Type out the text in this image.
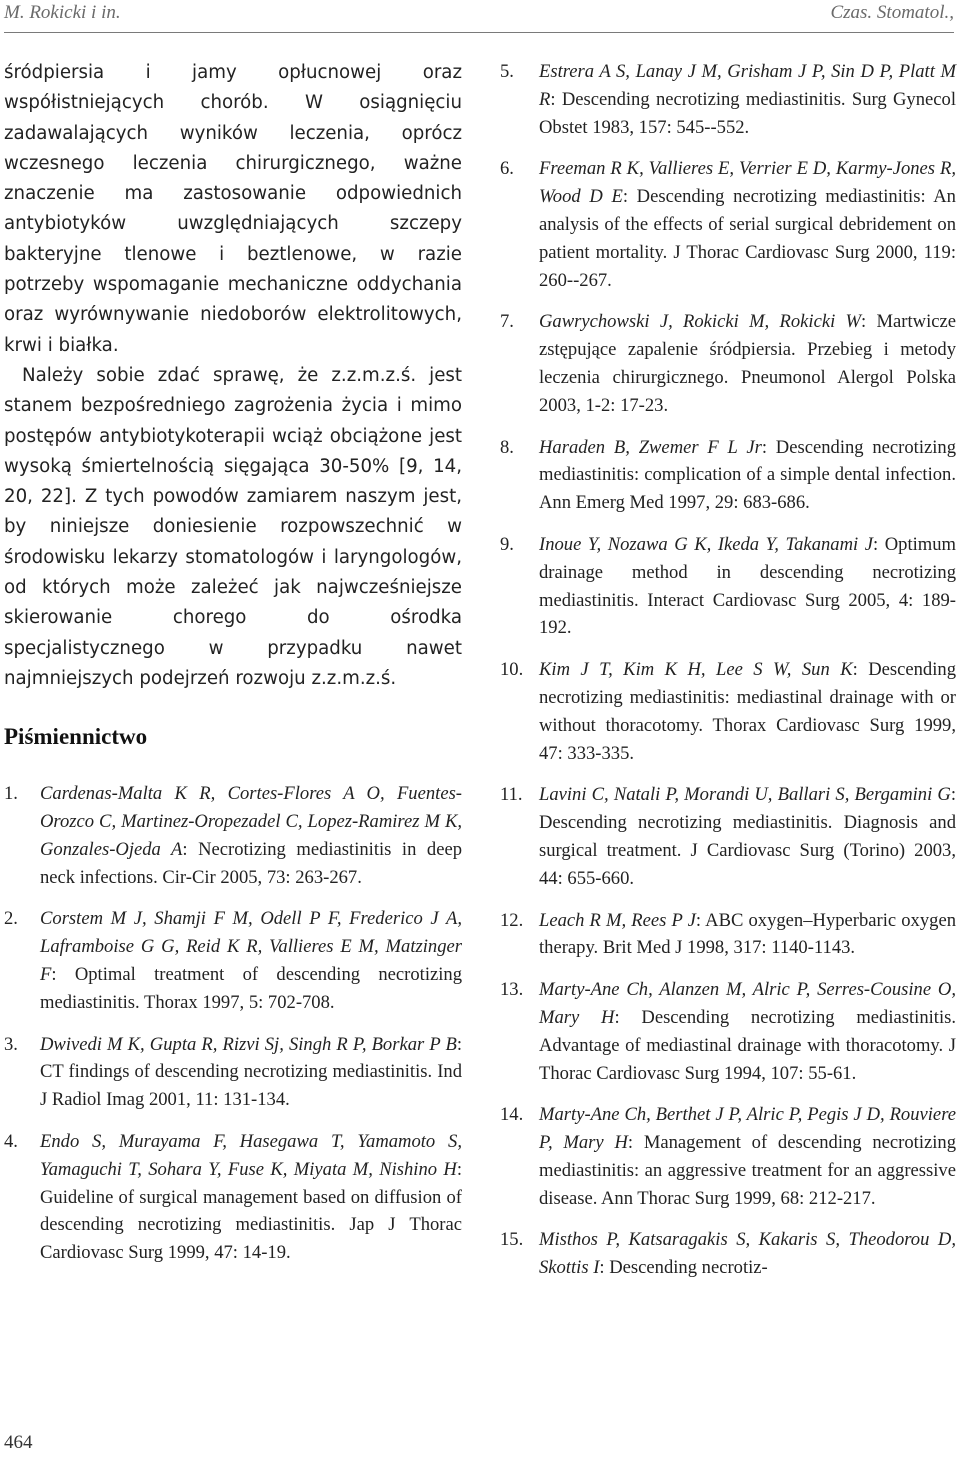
M. Rokicki i in.	Czas. Stomatol.,

śródpiersia i jamy opłucnowej oraz współistniejących chorób. W osiągnięciu zadawalających wyników leczenia, oprócz wczesnego leczenia chirurgicznego, ważne znaczenie ma zastosowanie odpowiednich antybiotyków uwzględniających szczepy bakteryjne tlenowe i beztlenowe, w razie potrzeby wspomaganie mechaniczne oddychania oraz wyrównywanie niedoborów elektrolitowych, krwi i białka.

Należy sobie zdać sprawę, że z.z.m.z.ś. jest stanem bezpośredniego zagrożenia życia i mimo postępów antybiotykoterapii wciąż obciążone jest wysoką śmiertelnością sięgająca 30-50% [9, 14, 20, 22]. Z tych powodów zamiarem naszym jest, by niniejsze doniesienie rozpowszechnić w środowisku lekarzy stomatologów i laryngologów, od których może zależeć jak najwcześniejsze skierowanie chorego do ośrodka specjalistycznego w przypadku nawet najmniejszych podejrzeń rozwoju z.z.m.z.ś.

Piśmiennictwo
1. Cardenas-Malta K R, Cortes-Flores A O, Fuentes-Orozco C, Martinez-Oropezadel C, Lopez-Ramirez M K, Gonzales-Ojeda A: Necrotizing mediastinitis in deep neck infections. Cir-Cir 2005, 73: 263-267.
2. Corstem M J, Shamji F M, Odell P F, Frederico J A, Laframboise G G, Reid K R, Vallieres E M, Matzinger F: Optimal treatment of descending necrotizing mediastinitis. Thorax 1997, 5: 702-708.
3. Dwivedi M K, Gupta R, Rizvi Sj, Singh R P, Borkar P B: CT findings of descending necrotizing mediastinitis. Ind J Radiol Imag 2001, 11: 131-134.
4. Endo S, Murayama F, Hasegawa T, Yamamoto S, Yamaguchi T, Sohara Y, Fuse K, Miyata M, Nishino H: Guideline of surgical management based on diffusion of descending necrotizing mediastinitis. Jap J Thorac Cardiovasc Surg 1999, 47: 14-19.
5. Estrera A S, Lanay J M, Grisham J P, Sin D P, Platt M R: Descending necrotizing mediastinitis. Surg Gynecol Obstet 1983, 157: 545--552.
6. Freeman R K, Vallieres E, Verrier E D, Karmy-Jones R, Wood D E: Descending necrotizing mediastinitis: An analysis of the effects of serial surgical debridement on patient mortality. J Thorac Cardiovasc Surg 2000, 119: 260--267.
7. Gawrychowski J, Rokicki M, Rokicki W: Martwicze zstępujące zapalenie śródpiersia. Przebieg i metody leczenia chirurgicznego. Pneumonol Alergol Polska 2003, 1-2: 17-23.
8. Haraden B, Zwemer F L Jr: Descending necrotizing mediastinitis: complication of a simple dental infection. Ann Emerg Med 1997, 29: 683-686.
9. Inoue Y, Nozawa G K, Ikeda Y, Takanami J: Optimum drainage method in descending necrotizing mediastinitis. Interact Cardiovasc Surg 2005, 4: 189-192.
10. Kim J T, Kim K H, Lee S W, Sun K: Descending necrotizing mediastinitis: mediastinal drainage with or without thoracotomy. Thorax Cardiovasc Surg 1999, 47: 333-335.
11. Lavini C, Natali P, Morandi U, Ballari S, Bergamini G: Descending necrotizing mediastinitis. Diagnosis and surgical treatment. J Cardiovasc Surg (Torino) 2003, 44: 655-660.
12. Leach R M, Rees P J: ABC oxygen–Hyperbaric oxygen therapy. Brit Med J 1998, 317: 1140-1143.
13. Marty-Ane Ch, Alanzen M, Alric P, Serres-Cousine O, Mary H: Descending necrotizing mediastinitis. Advantage of mediastinal drainage with thoracotomy. J Thorac Cardiovasc Surg 1994, 107: 55-61.
14. Marty-Ane Ch, Berthet J P, Alric P, Pegis J D, Rouviere P, Mary H: Management of descending necrotizing mediastinitis: an aggressive treatment for an aggressive disease. Ann Thorac Surg 1999, 68: 212-217.
15. Misthos P, Katsaragakis S, Kakaris S, Theodorou D, Skottis I: Descending necrotiz-
464
